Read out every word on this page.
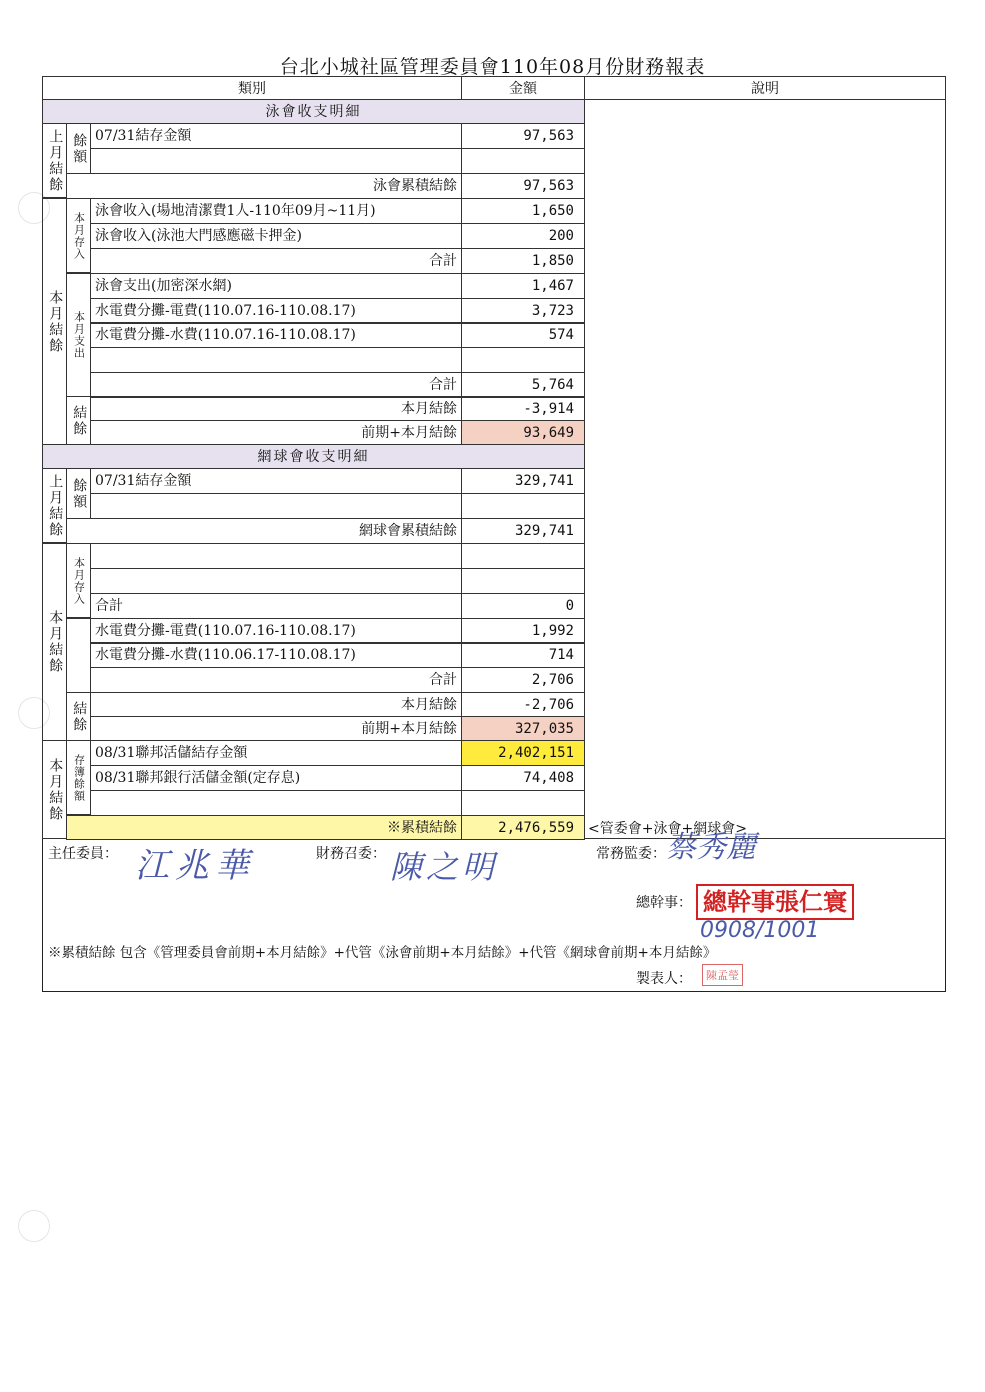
台北小城社區管理委員會110年08月份財務報表
類別	金額	說明
泳會收支明細
上月結餘 餘額 07/31結存金額	97,563
泳會累積結餘	97,563
本月結餘
本月存入
泳會收入(場地清潔費1人-110年09月~11月)	1,650
泳會收入(泳池大門感應磁卡押金)	200
合計	1,850
本月支出
泳會支出(加密深水網)	1,467
水電費分攤-電費(110.07.16-110.08.17)	3,723
水電費分攤-水費(110.07.16-110.08.17)	574
合計	5,764
結餘	本月結餘	-3,914
前期+本月結餘	93,649
網球會收支明細
上月結餘 餘額 07/31結存金額	329,741
網球會累積結餘	329,741
本月結餘
本月存入
合計	0
水電費分攤-電費(110.07.16-110.08.17)	1,992
水電費分攤-水費(110.06.17-110.08.17)	714
合計	2,706
結餘	本月結餘	-2,706
前期+本月結餘	327,035
本月結餘 存簿餘額
08/31聯邦活儲結存金額	2,402,151
08/31聯邦銀行活儲金額(定存息)	74,408
※累積結餘	2,476,559	<管委會+泳會+網球會>
主任委員： 江兆華	財務召委： 陳之明	常務監委： 蔡秀麗
總幹事： 總幹事張仁寰
0908/1001
※累積結餘 包含《管理委員會前期+本月結餘》+代管《泳會前期+本月結餘》+代管《網球會前期+本月結餘》
製表人：	陳孟瑩
